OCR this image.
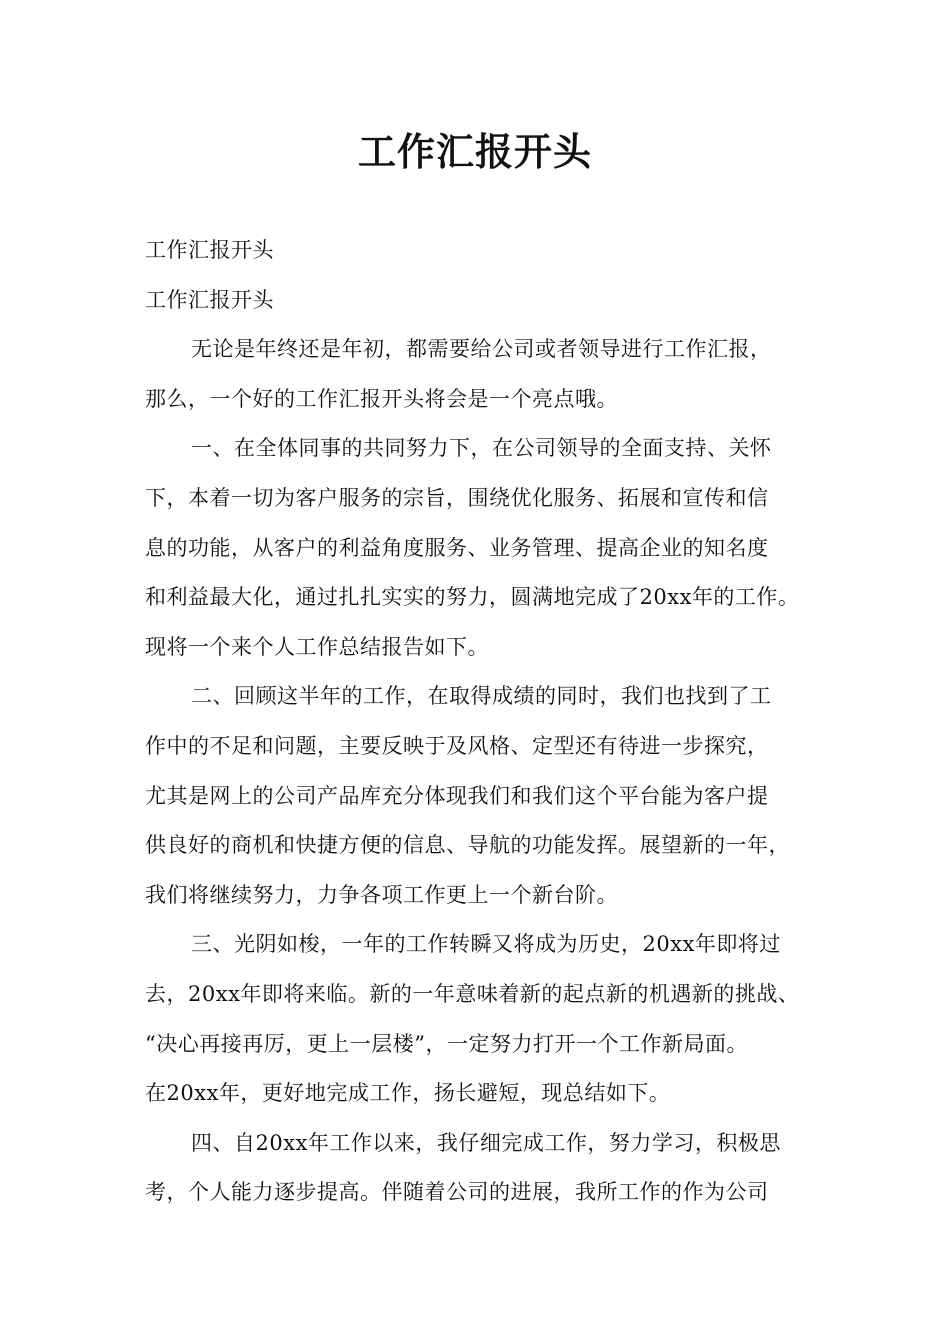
工作汇报开头
工作汇报开头
工作汇报开头
无论是年终还是年初，都需要给公司或者领导进行工作汇报，
那么，一个好的工作汇报开头将会是一个亮点哦。
一、在全体同事的共同努力下，在公司领导的全面支持、关怀
下，本着一切为客户服务的宗旨，围绕优化服务、拓展和宣传和信
息的功能，从客户的利益角度服务、业务管理、提高企业的知名度
和利益最大化，通过扎扎实实的努力，圆满地完成了20xx年的工作。
现将一个来个人工作总结报告如下。
二、回顾这半年的工作，在取得成绩的同时，我们也找到了工
作中的不足和问题，主要反映于及风格、定型还有待进一步探究，
尤其是网上的公司产品库充分体现我们和我们这个平台能为客户提
供良好的商机和快捷方便的信息、导航的功能发挥。展望新的一年，
我们将继续努力，力争各项工作更上一个新台阶。
三、光阴如梭，一年的工作转瞬又将成为历史，20xx年即将过
去，20xx年即将来临。新的一年意味着新的起点新的机遇新的挑战、
“决心再接再厉，更上一层楼”，一定努力打开一个工作新局面。
在20xx年，更好地完成工作，扬长避短，现总结如下。
四、自20xx年工作以来，我仔细完成工作，努力学习，积极思
考，个人能力逐步提高。伴随着公司的进展，我所工作的作为公司
